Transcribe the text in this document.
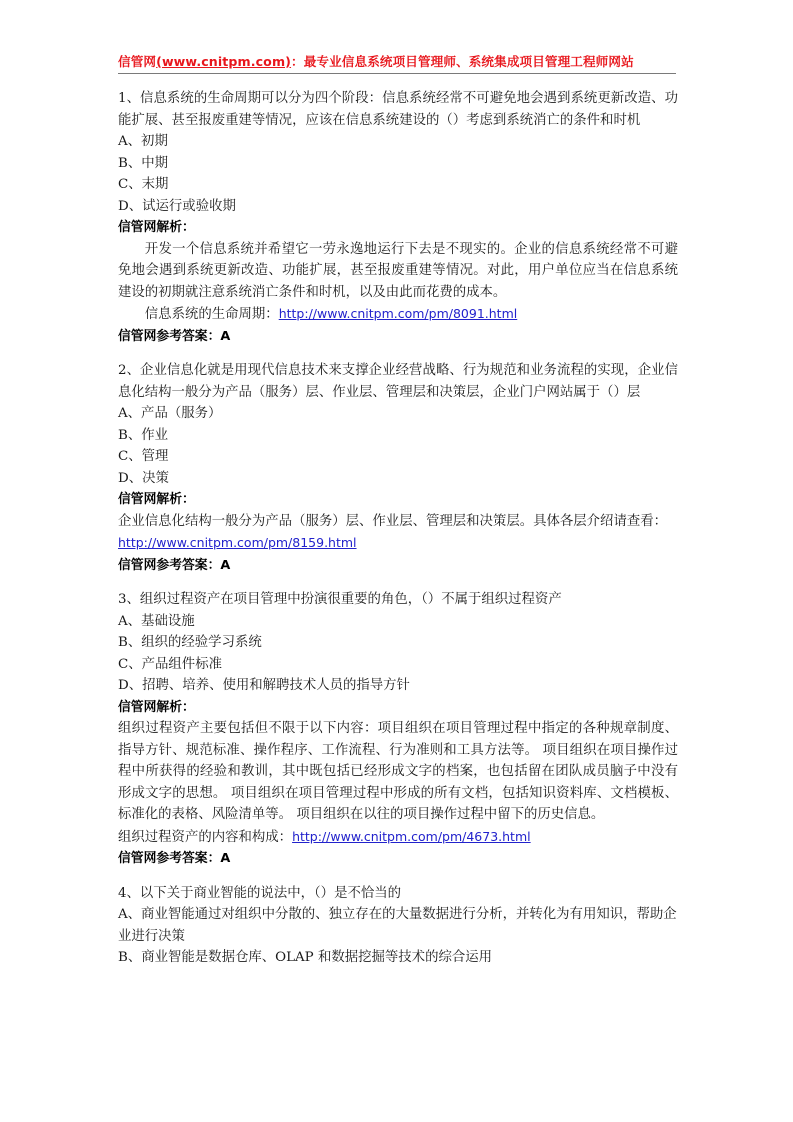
信管网(www.cnitpm.com)：最专业信息系统项目管理师、系统集成项目管理工程师网站
1、信息系统的生命周期可以分为四个阶段：信息系统经常不可避免地会遇到系统更新改造、功能扩展、甚至报废重建等情况，应该在信息系统建设的（）考虑到系统消亡的条件和时机
A、初期
B、中期
C、末期
D、试运行或验收期
信管网解析：
开发一个信息系统并希望它一劳永逸地运行下去是不现实的。企业的信息系统经常不可避免地会遇到系统更新改造、功能扩展，甚至报废重建等情况。对此，用户单位应当在信息系统建设的初期就注意系统消亡条件和时机，以及由此而花费的成本。
信息系统的生命周期：http://www.cnitpm.com/pm/8091.html
信管网参考答案：A
2、企业信息化就是用现代信息技术来支撑企业经营战略、行为规范和业务流程的实现，企业信息化结构一般分为产品（服务）层、作业层、管理层和决策层，企业门户网站属于（）层
A、产品（服务）
B、作业
C、管理
D、决策
信管网解析：
企业信息化结构一般分为产品（服务）层、作业层、管理层和决策层。具体各层介绍请查看：
http://www.cnitpm.com/pm/8159.html
信管网参考答案：A
3、组织过程资产在项目管理中扮演很重要的角色，（）不属于组织过程资产
A、基础设施
B、组织的经验学习系统
C、产品组件标准
D、招聘、培养、使用和解聘技术人员的指导方针
信管网解析：
组织过程资产主要包括但不限于以下内容：项目组织在项目管理过程中指定的各种规章制度、指导方针、规范标准、操作程序、工作流程、行为准则和工具方法等。 项目组织在项目操作过程中所获得的经验和教训，其中既包括已经形成文字的档案，也包括留在团队成员脑子中没有形成文字的思想。 项目组织在项目管理过程中形成的所有文档，包括知识资料库、文档模板、标准化的表格、风险清单等。 项目组织在以往的项目操作过程中留下的历史信息。
组织过程资产的内容和构成：http://www.cnitpm.com/pm/4673.html
信管网参考答案：A
4、以下关于商业智能的说法中，（）是不恰当的
A、商业智能通过对组织中分散的、独立存在的大量数据进行分析，并转化为有用知识，帮助企业进行决策
B、商业智能是数据仓库、OLAP 和数据挖掘等技术的综合运用
